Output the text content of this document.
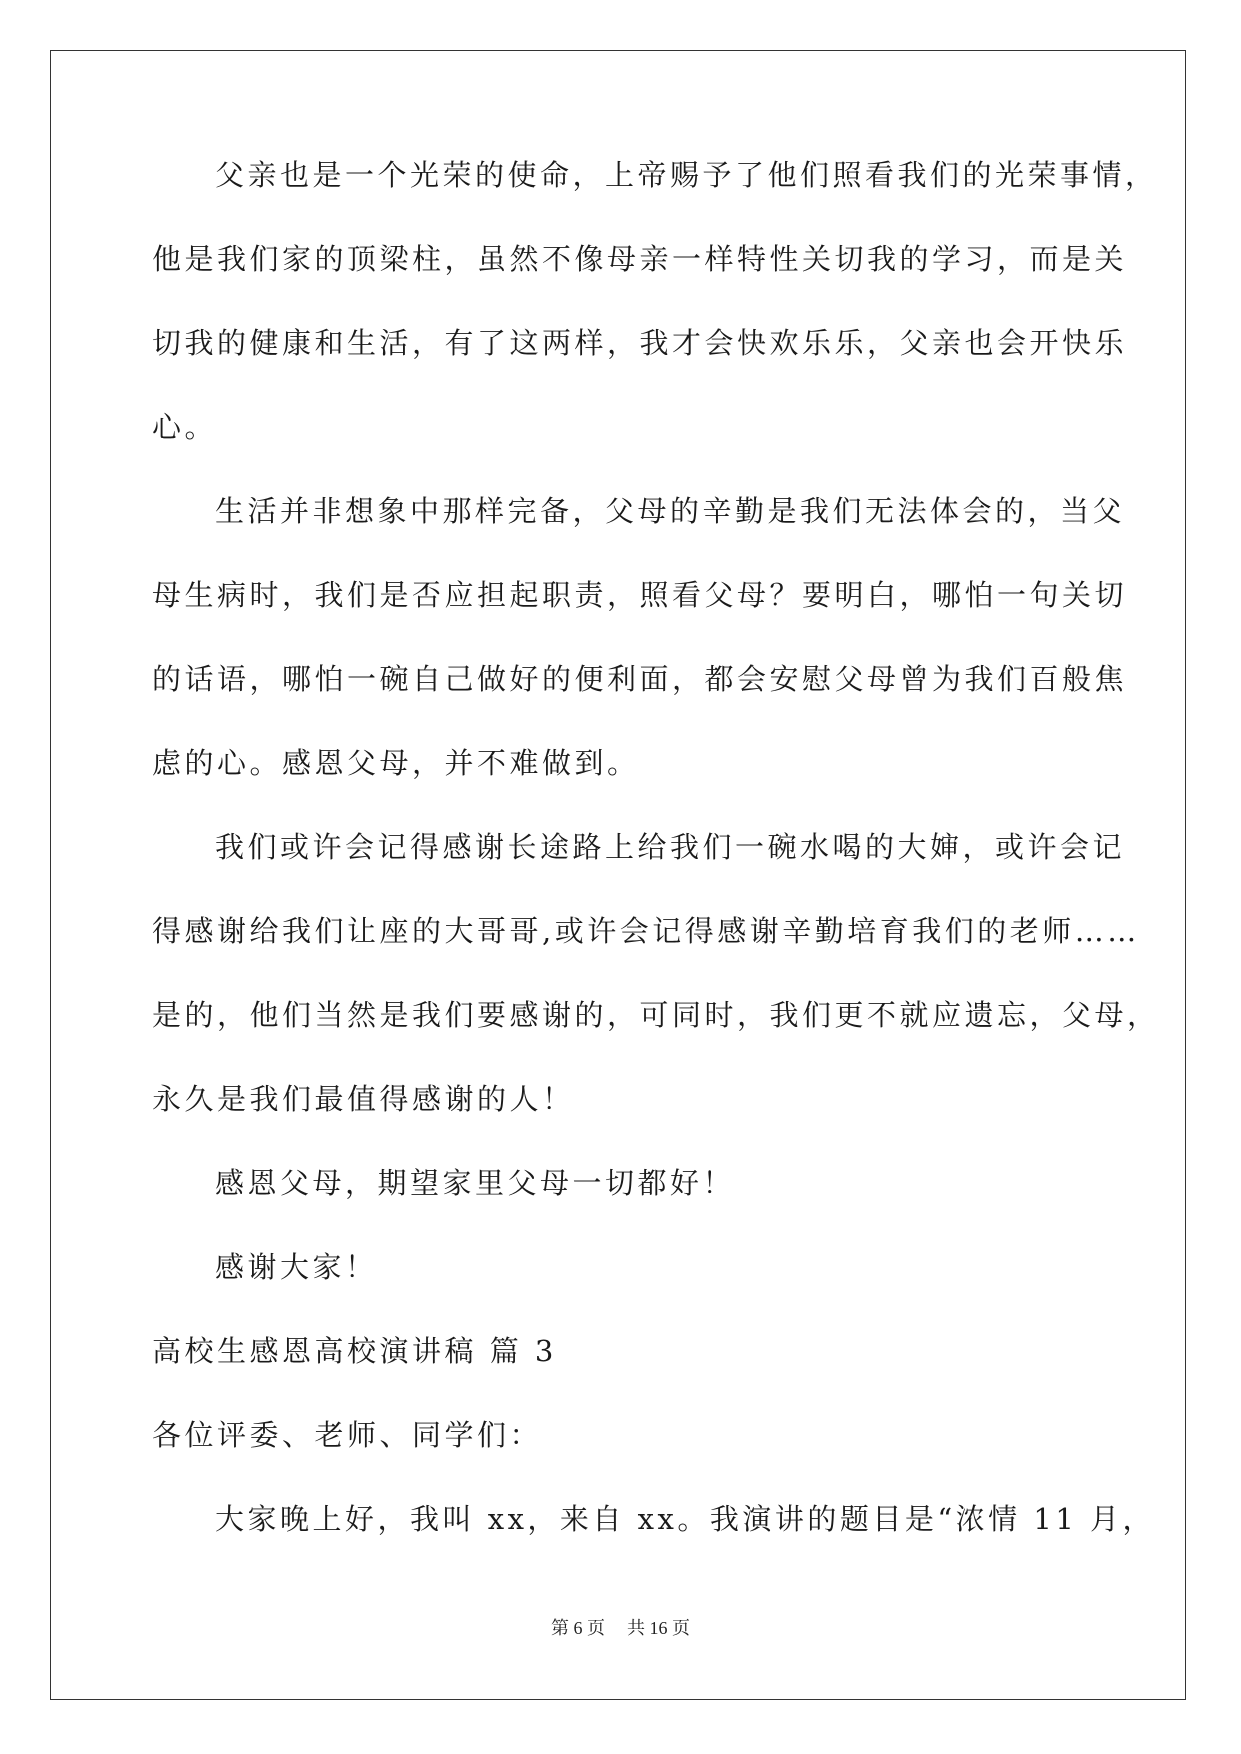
父亲也是一个光荣的使命，上帝赐予了他们照看我们的光荣事情，
他是我们家的顶梁柱，虽然不像母亲一样特性关切我的学习，而是关
切我的健康和生活，有了这两样，我才会快欢乐乐，父亲也会开快乐
心。
生活并非想象中那样完备，父母的辛勤是我们无法体会的，当父
母生病时，我们是否应担起职责，照看父母？要明白，哪怕一句关切
的话语，哪怕一碗自己做好的便利面，都会安慰父母曾为我们百般焦
虑的心。感恩父母，并不难做到。
我们或许会记得感谢长途路上给我们一碗水喝的大婶，或许会记
得感谢给我们让座的大哥哥,或许会记得感谢辛勤培育我们的老师……
是的，他们当然是我们要感谢的，可同时，我们更不就应遗忘，父母，
永久是我们最值得感谢的人！
感恩父母，期望家里父母一切都好！
感谢大家！
高校生感恩高校演讲稿 篇 3
各位评委、老师、同学们：
大家晚上好，我叫 xx，来自 xx。我演讲的题目是“浓情 11 月，
第 6 页 共 16 页
